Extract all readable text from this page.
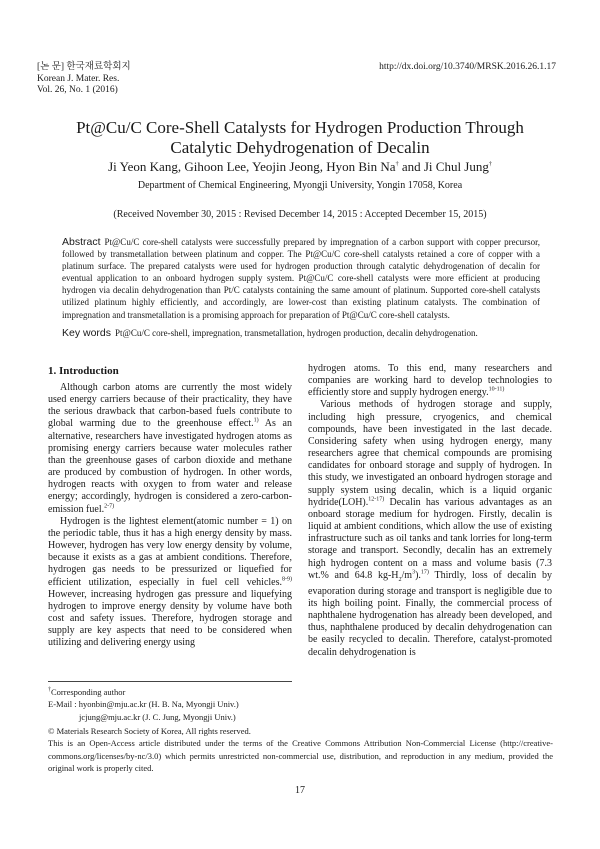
[논 문] 한국재료학회지
Korean J. Mater. Res.
Vol. 26, No. 1 (2016)
http://dx.doi.org/10.3740/MRSK.2016.26.1.17
Pt@Cu/C Core-Shell Catalysts for Hydrogen Production Through
Catalytic Dehydrogenation of Decalin
Ji Yeon Kang, Gihoon Lee, Yeojin Jeong, Hyon Bin Na† and Ji Chul Jung†
Department of Chemical Engineering, Myongji University, Yongin 17058, Korea
(Received November 30, 2015 : Revised December 14, 2015 : Accepted December 15, 2015)
Abstract Pt@Cu/C core-shell catalysts were successfully prepared by impregnation of a carbon support with copper precursor, followed by transmetallation between platinum and copper. The Pt@Cu/C core-shell catalysts retained a core of copper with a platinum surface. The prepared catalysts were used for hydrogen production through catalytic dehydrogenation of decalin for eventual application to an onboard hydrogen supply system. Pt@Cu/C core-shell catalysts were more efficient at producing hydrogen via decalin dehydrogenation than Pt/C catalysts containing the same amount of platinum. Supported core-shell catalysts utilized platinum highly efficiently, and accordingly, are lower-cost than existing platinum catalysts. The combination of impregnation and transmetallation is a promising approach for preparation of Pt@Cu/C core-shell catalysts.
Key words Pt@Cu/C core-shell, impregnation, transmetallation, hydrogen production, decalin dehydrogenation.
1. Introduction

Although carbon atoms are currently the most widely used energy carriers because of their practicality, they have the serious drawback that carbon-based fuels contribute to global warming due to the greenhouse effect.$^{1)}$ As an alternative, researchers have investigated hydrogen atoms as promising energy carriers because water molecules rather than the greenhouse gases of carbon dioxide and methane are produced by combustion of hydrogen. In other words, hydrogen reacts with oxygen to from water and release energy; accordingly, hydrogen is considered a zero-carbon-emission fuel.$^{2-7)}$

Hydrogen is the lightest element(atomic number = 1) on the periodic table, thus it has a high energy density by mass. However, hydrogen has very low energy density by volume, because it exists as a gas at ambient conditions. Therefore, hydrogen gas needs to be pressurized or liquefied for efficient utilization, especially in fuel cell vehicles.$^{8-9)}$ However, increasing hydrogen gas pressure and liquefying hydrogen to improve energy density by volume have both cost and safety issues. Therefore, hydrogen storage and supply are key aspects that need to be considered when utilizing and delivering energy using

hydrogen atoms. To this end, many researchers and companies are working hard to develop technologies to efficiently store and supply hydrogen energy.$^{10-11)}$

Various methods of hydrogen storage and supply, including high pressure, cryogenics, and chemical compounds, have been investigated in the last decade. Considering safety when using hydrogen energy, many researchers agree that chemical compounds are promising candidates for onboard storage and supply of hydrogen. In this study, we investigated an onboard hydrogen storage and supply system using decalin, which is a liquid organic hydride(LOH).$^{12-17)}$ Decalin has various advantages as an onboard storage medium for hydrogen. Firstly, decalin is liquid at ambient conditions, which allow the use of existing infrastructure such as oil tanks and tank lorries for long-term storage and transport. Secondly, decalin has an extremely high hydrogen content on a mass and volume basis (7.3 wt.% and 64.8 $kg-H_2/m^3).^{17)}$ Thirdly, loss of decalin by evaporation during storage and transport is negligible due to its high boiling point. Finally, the commercial process of naphthalene hydrogenation has already been developed, and thus, naphthalene produced by decalin dehydrogenation can be easily recycled to decalin. Therefore, catalyst-promoted decalin dehydrogenation is

†Corresponding author
E-Mail : hyonbin@mju.ac.kr (H. B. Na, Myongji Univ.)
jcjung@mju.ac.kr (J. C. Jung, Myongji Univ.)
© Materials Research Society of Korea, All rights reserved.
This is an Open-Access article distributed under the terms of the Creative Commons Attribution Non-Commercial License (http://creative-commons.org/licenses/by-nc/3.0) which permits unrestricted non-commercial use, distribution, and reproduction in any medium, provided the original work is properly cited.
17
